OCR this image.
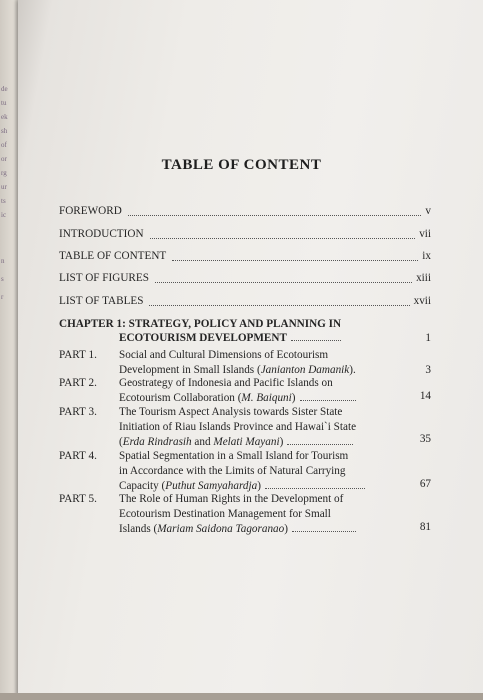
de
tu
ek
sh
of
or
rg
ur
ts
ic
n
s
r
TABLE OF CONTENT
FOREWORD	v
INTRODUCTION	vii
TABLE OF CONTENT	ix
LIST OF FIGURES	xiii
LIST OF TABLES	xvii
CHAPTER 1: STRATEGY, POLICY AND PLANNING IN
ECOTOURISM DEVELOPMENT	1
PART 1. Social and Cultural Dimensions of Ecotourism
Development in Small Islands (Janianton Damanik).	3
PART 2. Geostrategy of Indonesia and Pacific Islands on
Ecotourism Collaboration (M. Baiquni)	14
PART 3. The Tourism Aspect Analysis towards Sister State
Initiation of Riau Islands Province and Hawai`i State
(Erda Rindrasih and Melati Mayani)	35
PART 4. Spatial Segmentation in a Small Island for Tourism
in Accordance with the Limits of Natural Carrying
Capacity (Puthut Samyahardja)	67
PART 5. The Role of Human Rights in the Development of
Ecotourism Destination Management for Small
Islands (Mariam Saidona Tagoranao)	81
